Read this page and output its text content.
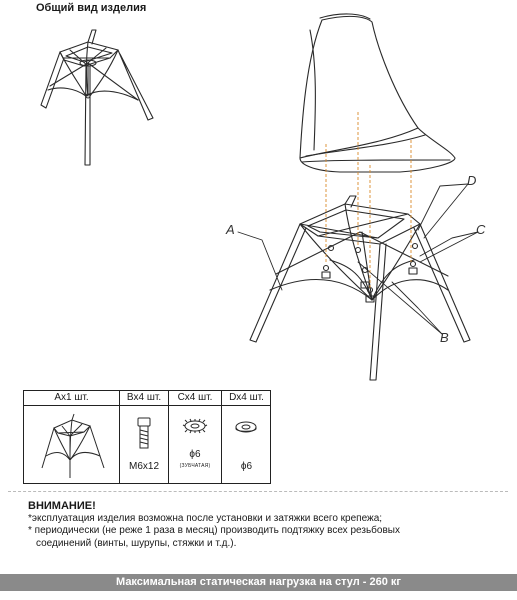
Общий вид изделия
A
B
C
D
Ax1 шт.	Bx4 шт.
М6x12
Cx4 шт.
ϕ6
(ЗУБЧАТАЯ)
Dx4 шт.
ϕ6
ВНИМАНИЕ!
*эксплуатация изделия возможна после установки и затяжки всего крепежа;
* периодически (не реже 1 раза в месяц) производить подтяжку всех резьбовых
соединений (винты, шурупы, стяжки и т.д.).
Максимальная статическая нагрузка на стул - 260 кг
